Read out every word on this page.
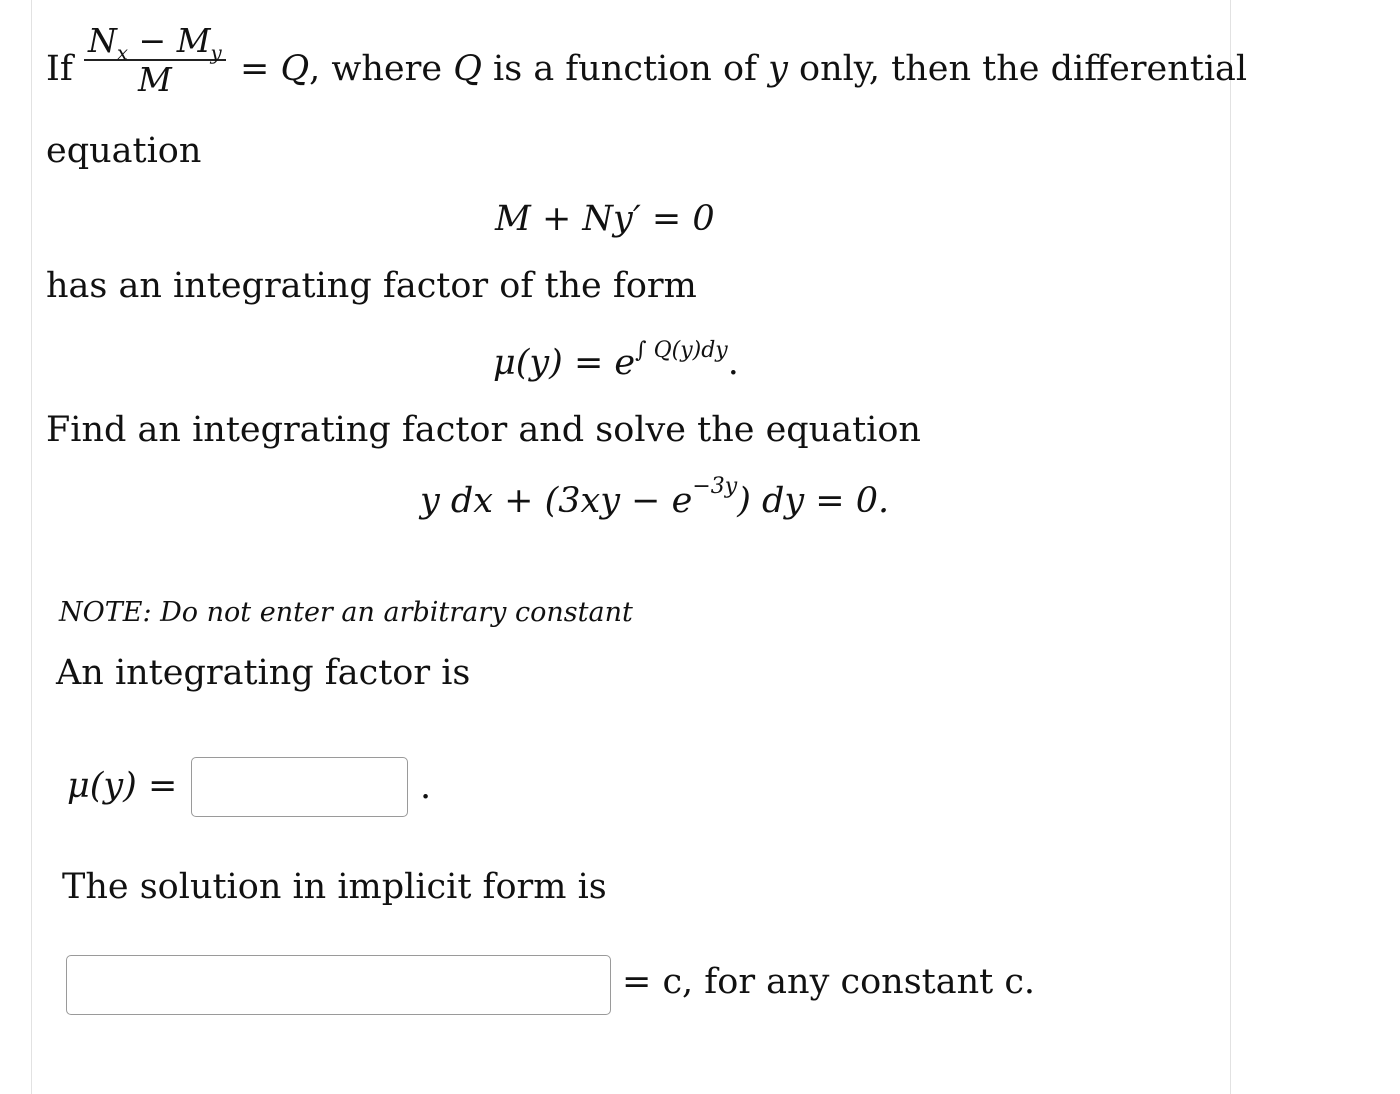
If $\frac{N_x - M_y}{M} = Q$, where Q is a function of y only, then the differential
equation
M + Ny′ = 0
has an integrating factor of the form
$\mu(y) = e^{\int Q(y)dy}$.
Find an integrating factor and solve the equation
y dx + $(3xy - e^{-3y})$ dy = 0.
NOTE: Do not enter an arbitrary constant
An integrating factor is
μ(y) =	.
The solution in implicit form is
= c, for any constant c.
